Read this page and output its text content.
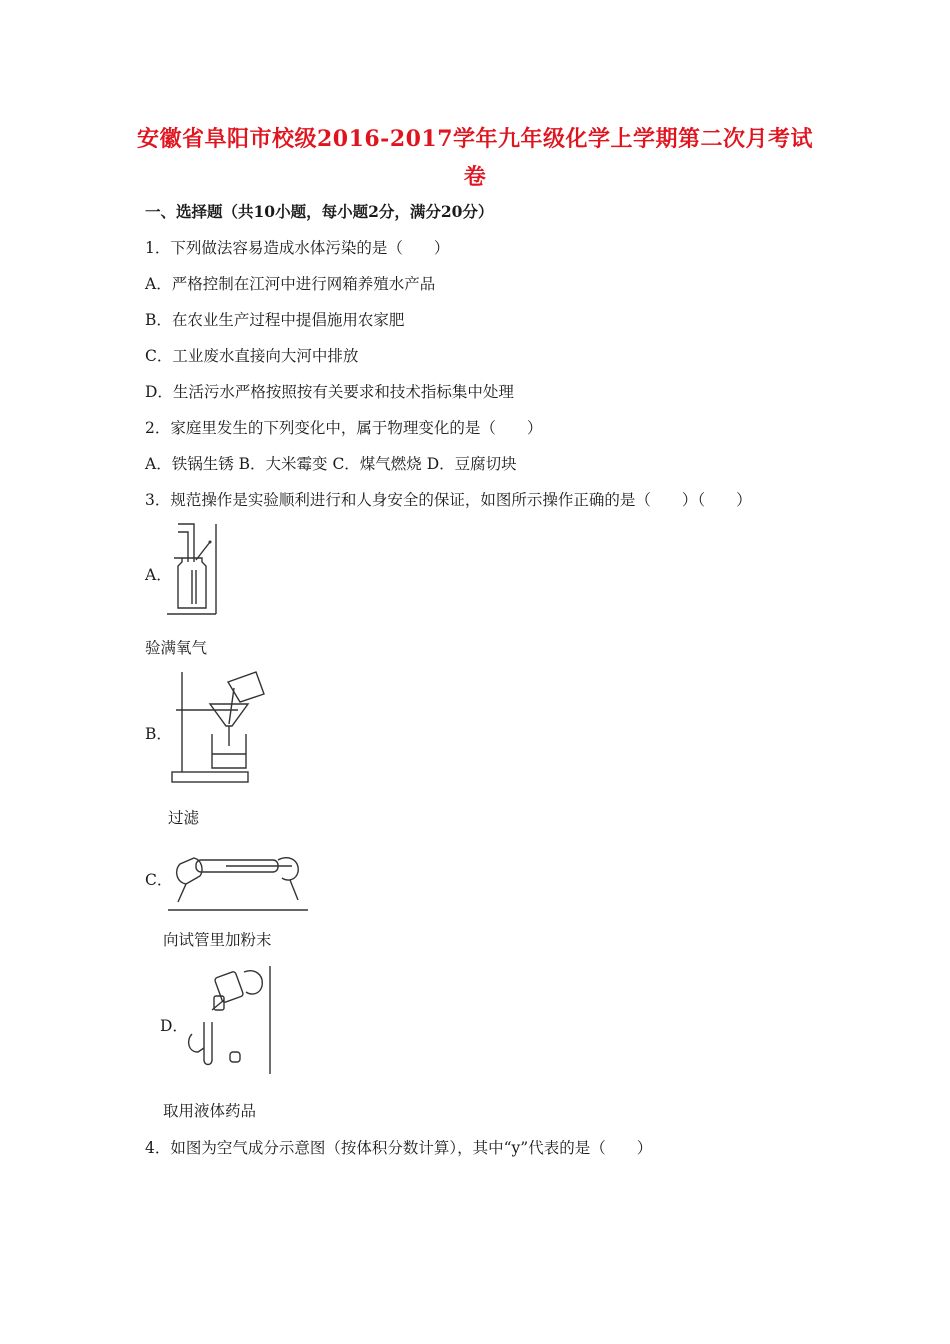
安徽省阜阳市校级2016-2017学年九年级化学上学期第二次月考试
卷
一、选择题（共10小题，每小题2分，满分20分）
1．下列做法容易造成水体污染的是（　　）
A．严格控制在江河中进行网箱养殖水产品
B．在农业生产过程中提倡施用农家肥
C．工业废水直接向大河中排放
D．生活污水严格按照按有关要求和技术指标集中处理
2．家庭里发生的下列变化中，属于物理变化的是（　　）
A．铁锅生锈 B．大米霉变 C．煤气燃烧 D．豆腐切块
3．规范操作是实验顺利进行和人身安全的保证，如图所示操作正确的是（　　）（　　）
A．
验满氧气
B．
过滤
C．
向试管里加粉末
D．
取用液体药品
4．如图为空气成分示意图（按体积分数计算），其中“y”代表的是（　　）
